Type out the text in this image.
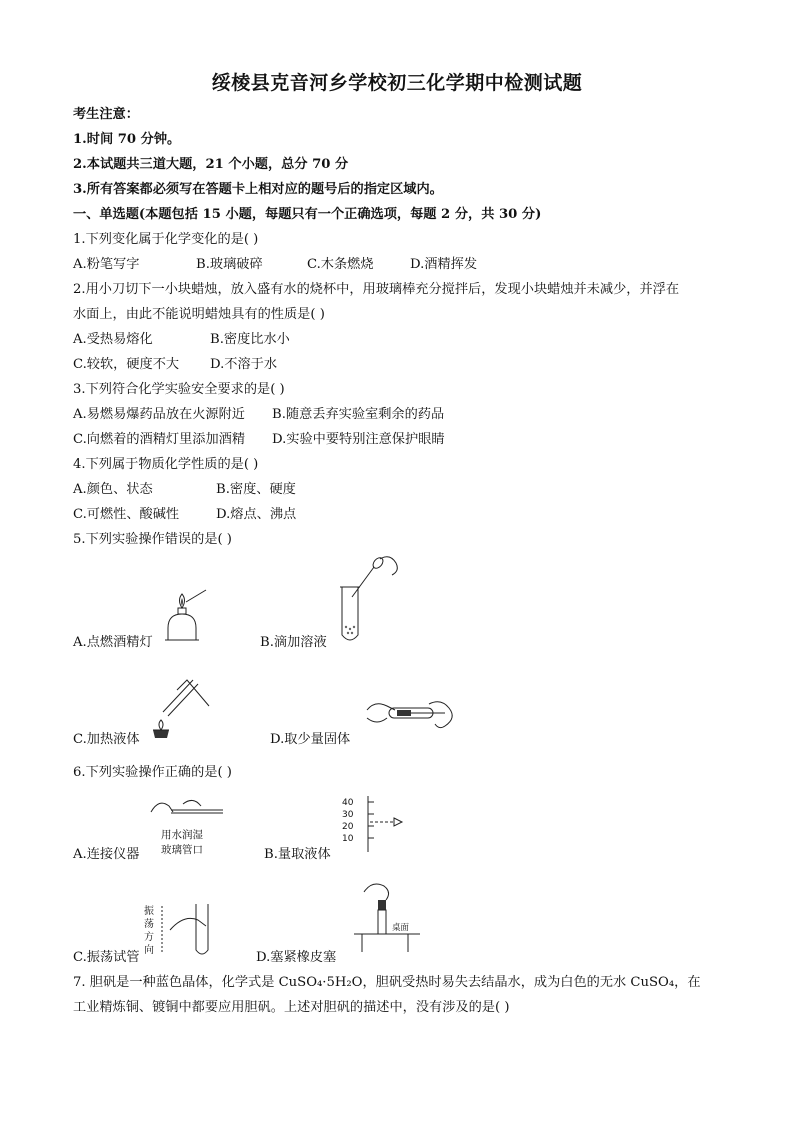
绥棱县克音河乡学校初三化学期中检测试题
考生注意：
1.时间 70 分钟。
2.本试题共三道大题，21 个小题，总分 70 分
3.所有答案都必须写在答题卡上相对应的题号后的指定区域内。
一、单选题(本题包括 15 小题，每题只有一个正确选项，每题 2 分，共 30 分)
1.下列变化属于化学变化的是( )
A.粉笔写字	B.玻璃破碎	C.木条燃烧	D.酒精挥发
2.用小刀切下一小块蜡烛，放入盛有水的烧杯中，用玻璃棒充分搅拌后，发现小块蜡烛并未减少，并浮在
水面上，由此不能说明蜡烛具有的性质是( )
A.受热易熔化	B.密度比水小
C.较软，硬度不大 D.不溶于水
3.下列符合化学实验安全要求的是( )
A.易燃易爆药品放在火源附近 B.随意丢弃实验室剩余的药品
C.向燃着的酒精灯里添加酒精 D.实验中要特别注意保护眼睛
4.下列属于物质化学性质的是( )
A.颜色、状态	B.密度、硬度
C.可燃性、酸碱性	D.熔点、沸点
5.下列实验操作错误的是( )
A.点燃酒精灯	B.滴加溶液
C.加热液体	D.取少量固体
6.下列实验操作正确的是( )
用水润湿
玻璃管口
A.连接仪器
40
30
20
10
B.量取液体
振
荡
方
向
C.振荡试管
桌面
D.塞紧橡皮塞
7. 胆矾是一种蓝色晶体，化学式是 CuSO₄·5H₂O，胆矾受热时易失去结晶水，成为白色的无水 CuSO₄，在
工业精炼铜、镀铜中都要应用胆矾。上述对胆矾的描述中，没有涉及的是( )
